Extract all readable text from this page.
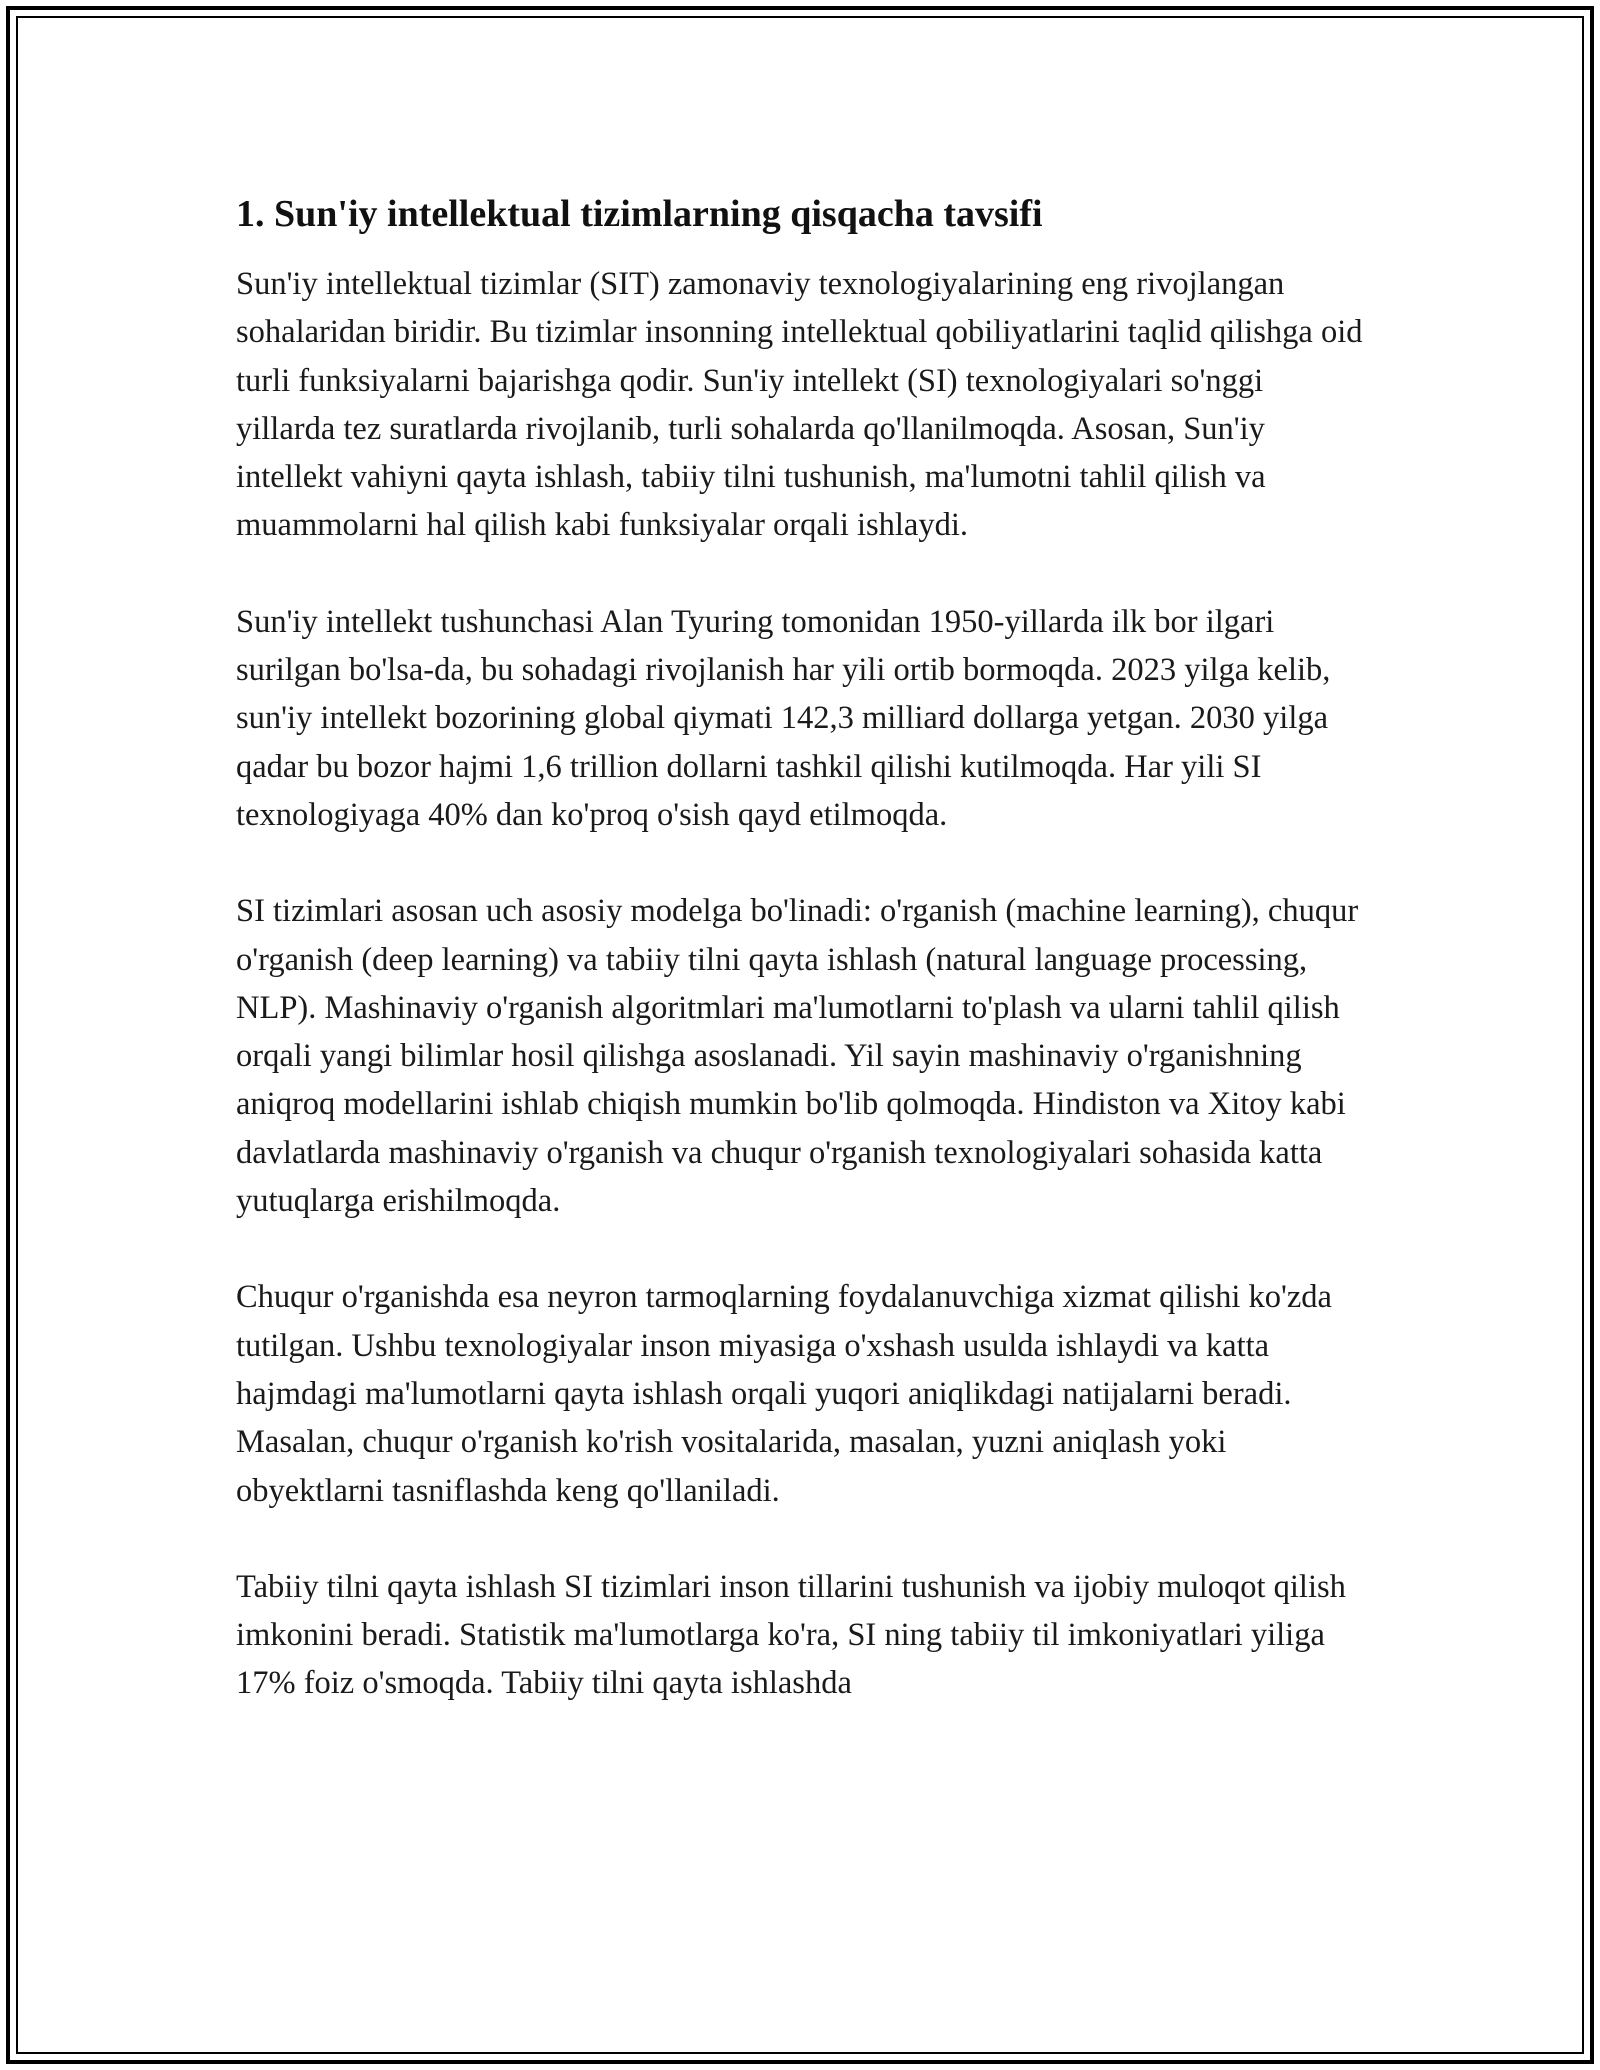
1. Sun'iy intellektual tizimlarning qisqacha tavsifi

Sun'iy intellektual tizimlar (SIT) zamonaviy texnologiyalarining eng rivojlangan sohalaridan biridir. Bu tizimlar insonning intellektual qobiliyatlarini taqlid qilishga oid turli funksiyalarni bajarishga qodir. Sun'iy intellekt (SI) texnologiyalari so'nggi yillarda tez suratlarda rivojlanib, turli sohalarda qo'llanilmoqda. Asosan, Sun'iy intellekt vahiyni qayta ishlash, tabiiy tilni tushunish, ma'lumotni tahlil qilish va muammolarni hal qilish kabi funksiyalar orqali ishlaydi.

Sun'iy intellekt tushunchasi Alan Tyuring tomonidan 1950-yillarda ilk bor ilgari surilgan bo'lsa-da, bu sohadagi rivojlanish har yili ortib bormoqda. 2023 yilga kelib, sun'iy intellekt bozorining global qiymati 142,3 milliard dollarga yetgan. 2030 yilga qadar bu bozor hajmi 1,6 trillion dollarni tashkil qilishi kutilmoqda. Har yili SI texnologiyaga 40% dan ko'proq o'sish qayd etilmoqda.

SI tizimlari asosan uch asosiy modelga bo'linadi: o'rganish (machine learning), chuqur o'rganish (deep learning) va tabiiy tilni qayta ishlash (natural language processing, NLP). Mashinaviy o'rganish algoritmlari ma'lumotlarni to'plash va ularni tahlil qilish orqali yangi bilimlar hosil qilishga asoslanadi. Yil sayin mashinaviy o'rganishning aniqroq modellarini ishlab chiqish mumkin bo'lib qolmoqda. Hindiston va Xitoy kabi davlatlarda mashinaviy o'rganish va chuqur o'rganish texnologiyalari sohasida katta yutuqlarga erishilmoqda.

Chuqur o'rganishda esa neyron tarmoqlarning foydalanuvchiga xizmat qilishi ko'zda tutilgan. Ushbu texnologiyalar inson miyasiga o'xshash usulda ishlaydi va katta hajmdagi ma'lumotlarni qayta ishlash orqali yuqori aniqlikdagi natijalarni beradi. Masalan, chuqur o'rganish ko'rish vositalarida, masalan, yuzni aniqlash yoki obyektlarni tasniflashda keng qo'llaniladi.

Tabiiy tilni qayta ishlash SI tizimlari inson tillarini tushunish va ijobiy muloqot qilish imkonini beradi. Statistik ma'lumotlarga ko'ra, SI ning tabiiy til imkoniyatlari yiliga 17% foiz o'smoqda. Tabiiy tilni qayta ishlashda
